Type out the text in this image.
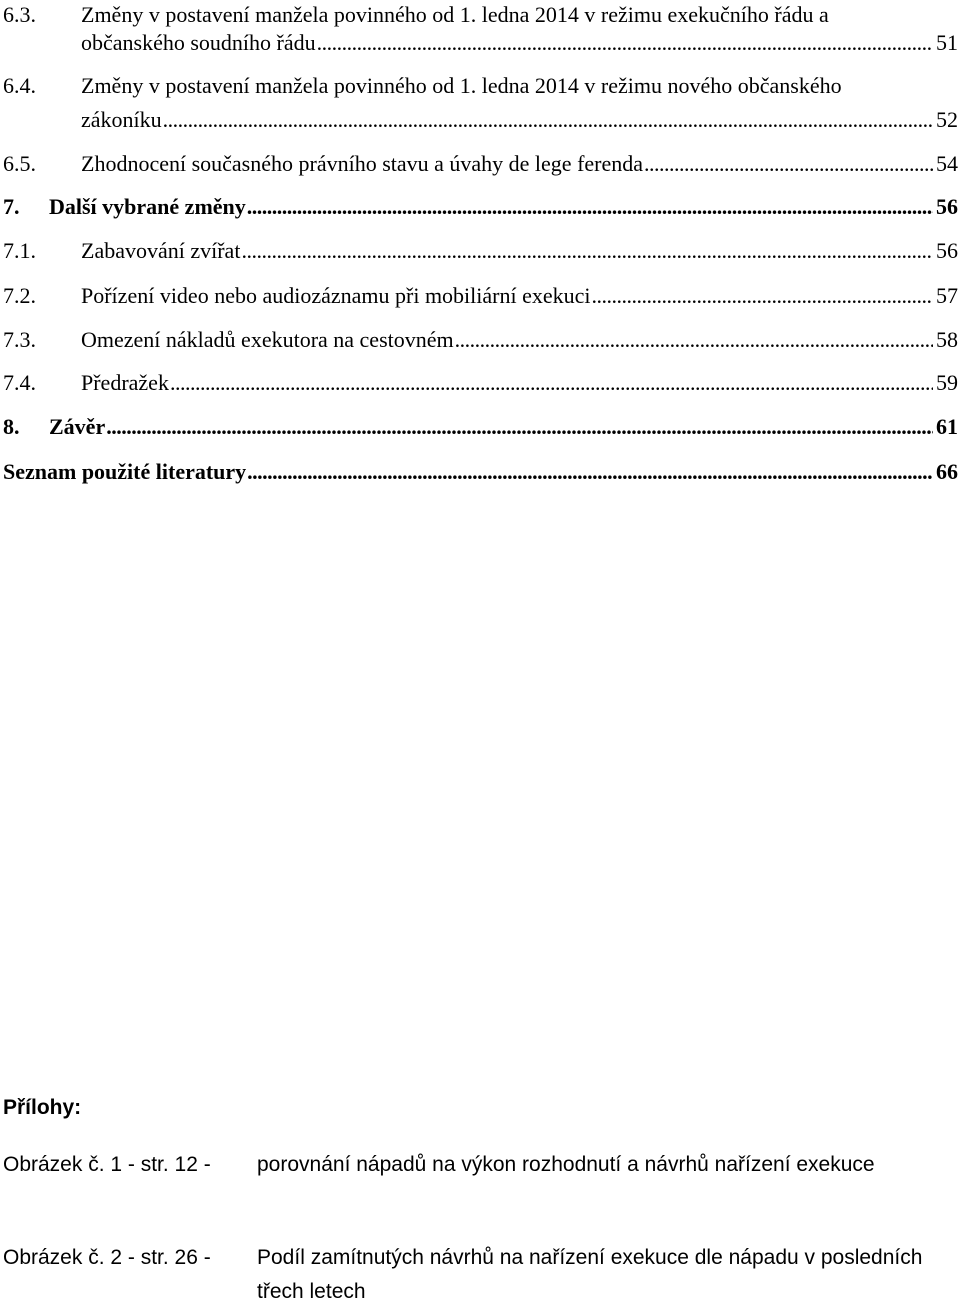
6.3. Změny v postavení manžela povinného od 1. ledna 2014 v režimu exekučního řádu a
občanského soudního řádu . . .	51
6.4. Změny v postavení manžela povinného od 1. ledna 2014 v režimu nového občanského
zákoníku . . .	52
6.5. Zhodnocení současného právního stavu a úvahy de lege ferenda . . .	54
7. Další vybrané změny . . .	56
7.1. Zabavování zvířat . . .	56
7.2. Pořízení video nebo audiozáznamu při mobiliární exekuci . . .	57
7.3. Omezení nákladů exekutora na cestovném . . .	58
7.4. Předražek . . .	59
8. Závěr . . .	61
Seznam použité literatury . . .	66
Přílohy:
Obrázek č. 1 - str. 12 - porovnání nápadů na výkon rozhodnutí a návrhů nařízení exekuce
Obrázek č. 2 - str. 26 - Podíl zamítnutých návrhů na nařízení exekuce dle nápadu v posledních třech letech
